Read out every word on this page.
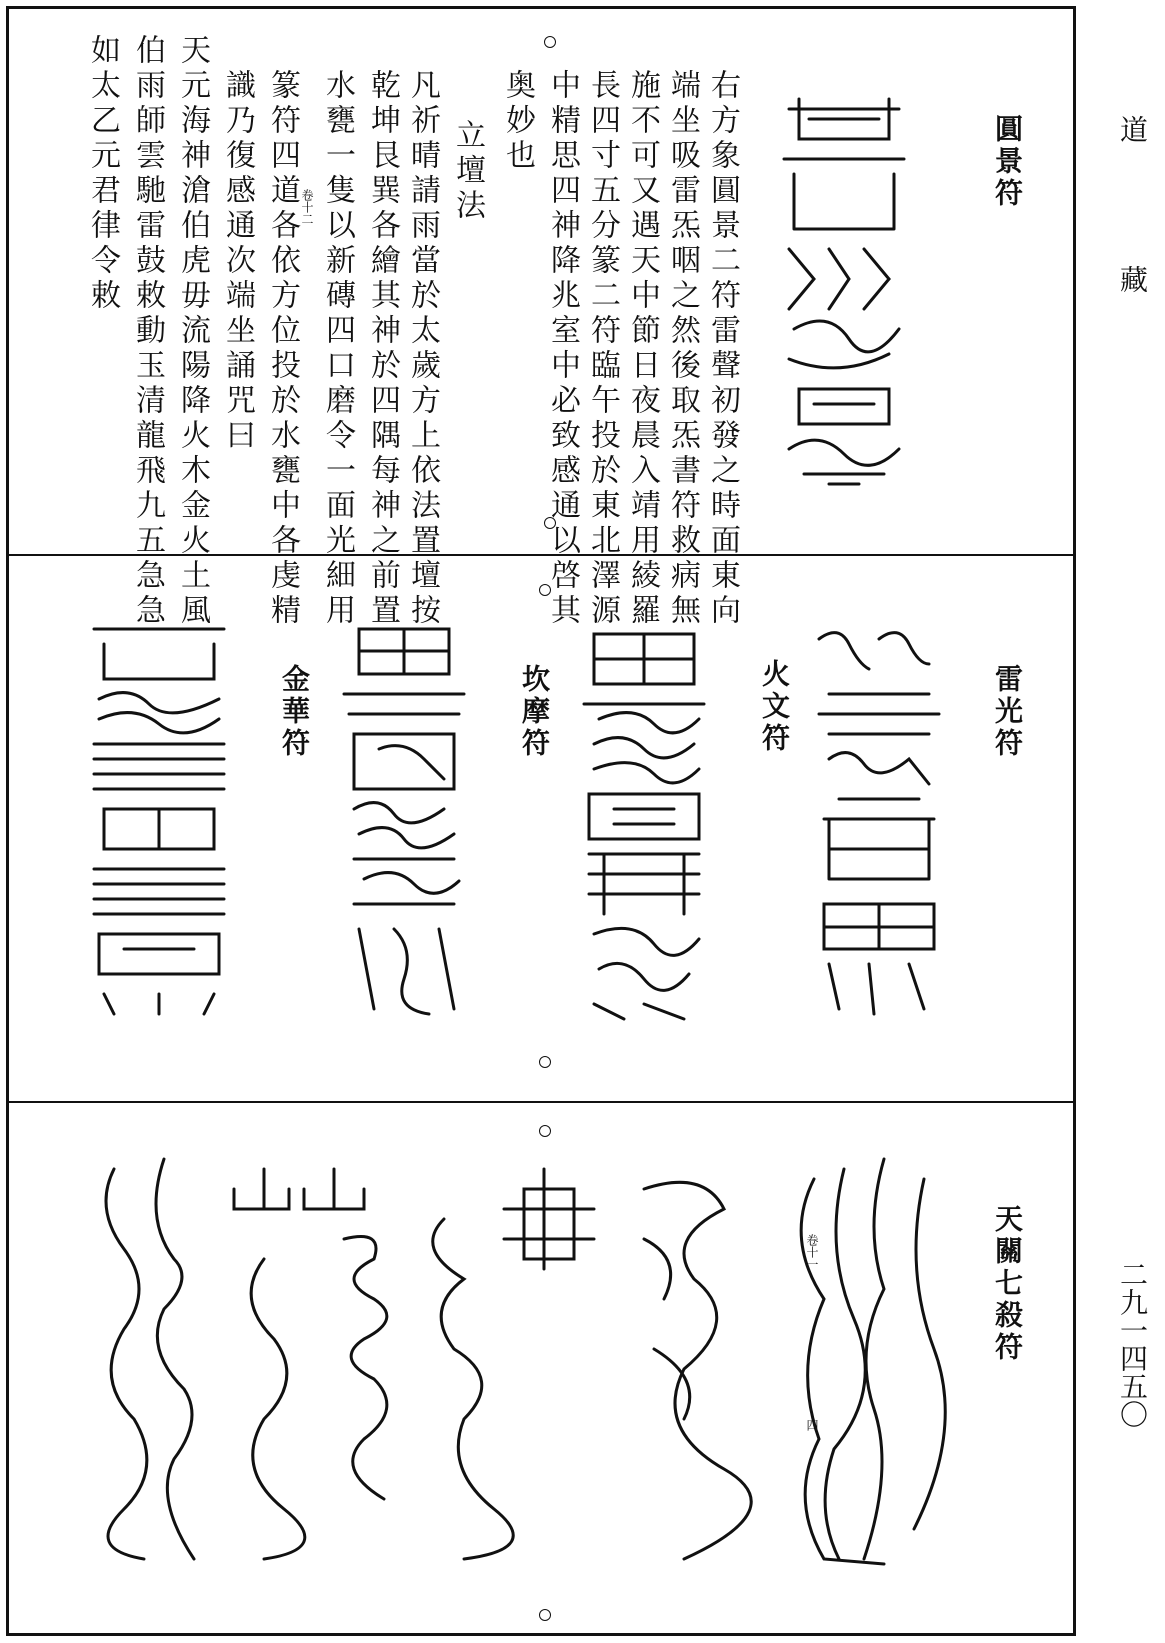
圓景符
右方象圓景二符雷聲初發之時面東向
端坐吸雷炁咽之然後取炁書符救病無
施不可又遇天中節日夜晨入靖用綾羅
長四寸五分篆二符臨午投於東北澤源
中精思四神降兆室中必致感通以啓其
奥妙也
立壇法
凡祈晴請雨當於太歲方上依法置壇按
乾坤艮巽各繪其神於四隅每神之前置
水甕一隻以新磚四口磨令一面光細用
卷十二
篆符四道各依方位投於水甕中各虔精
識乃復感通次端坐誦咒曰
天元海神滄伯虎毋流陽降火木金火土風
伯雨師雲馳雷鼓敕動玉清龍飛九五急急
如太乙元君律令敕
雷光符
火文符
坎摩符
金華符
天關七殺符
卷十一
四
道
藏
二九一四五〇
